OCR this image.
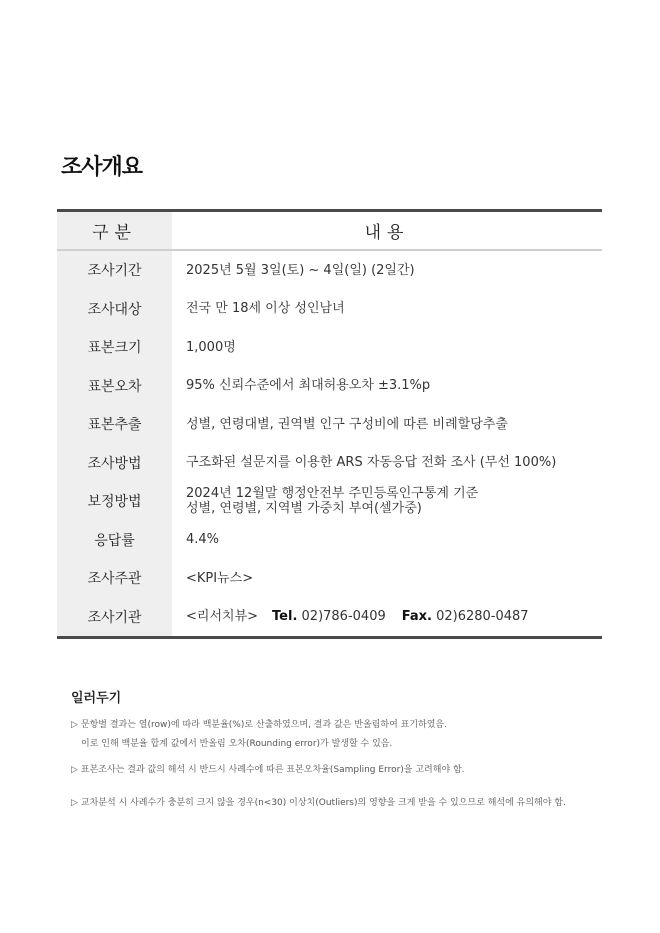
조사개요
구분	내용
조사기간	2025년 5월 3일(토) ~ 4일(일) (2일간)
조사대상	전국 만 18세 이상 성인남녀
표본크기	1,000명
표본오차	95% 신뢰수준에서 최대허용오차 ±3.1%p
표본추출	성별, 연령대별, 권역별 인구 구성비에 따른 비례할당추출
조사방법	구조화된 설문지를 이용한 ARS 자동응답 전화 조사 (무선 100%)
보정방법	2024년 12월말 행정안전부 주민등록인구통계 기준
성별, 연령별, 지역별 가중치 부여(셀가중)

응답률	4.4%
조사주관	<KPI뉴스>
조사기관	<리서치뷰> Tel. 02)786-0409 Fax. 02)6280-0487
일러두기
▷ 문항별 결과는 열(row)에 따라 백분율(%)로 산출하였으며, 결과 값은 반올림하여 표기하였음.
이로 인해 백분율 합계 값에서 반올림 오차(Rounding error)가 발생할 수 있음.
▷ 표본조사는 결과 값의 해석 시 반드시 사례수에 따른 표본오차율(Sampling Error)을 고려해야 함.
▷ 교차분석 시 사례수가 충분히 크지 않을 경우(n<30) 이상치(Outliers)의 영향을 크게 받을 수 있으므로 해석에 유의해야 함.
